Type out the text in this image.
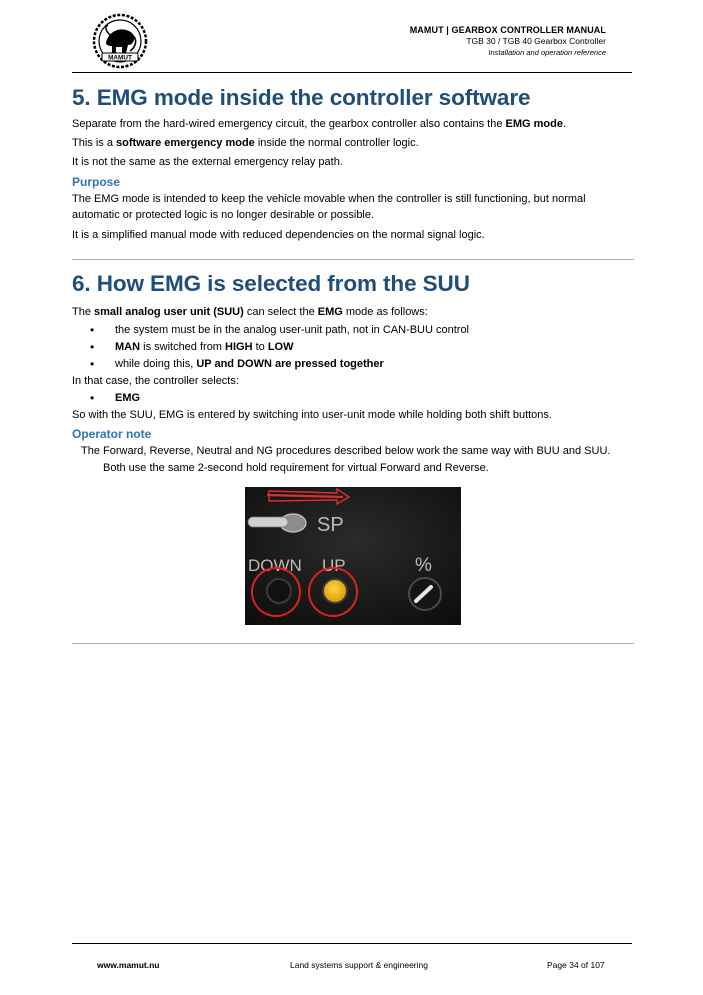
MAMUT
MAMUT | GEARBOX CONTROLLER MANUAL
TGB 30 / TGB 40 Gearbox Controller
Installation and operation reference
5. EMG mode inside the controller software

Separate from the hard-wired emergency circuit, the gearbox controller also contains the EMG mode.

This is a software emergency mode inside the normal controller logic.

It is not the same as the external emergency relay path.

Purpose

The EMG mode is intended to keep the vehicle movable when the controller is still functioning, but normal automatic or protected logic is no longer desirable or possible.

It is a simplified manual mode with reduced dependencies on the normal signal logic.

6. How EMG is selected from the SUU

The small analog user unit (SUU) can select the EMG mode as follows:

• the system must be in the analog user-unit path, not in CAN-BUU control
• MAN is switched from HIGH to LOW
• while doing this, UP and DOWN are pressed together

In that case, the controller selects:

• EMG

So with the SUU, EMG is entered by switching into user-unit mode while holding both shift buttons.

Operator note
The Forward, Reverse, Neutral and NG procedures described below work the same way with BUU and SUU. Both use the same 2-second hold requirement for virtual Forward and Reverse.
SP
DOWN UP	%
www.mamut.nu	Land systems support & engineering	Page 34 of 107
